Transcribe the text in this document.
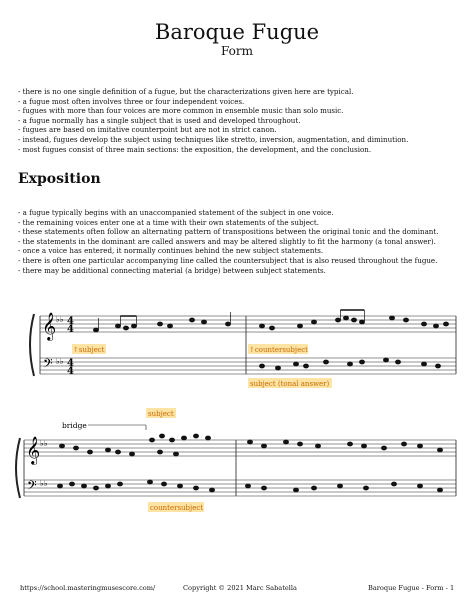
Baroque Fugue
Form
- there is no one single definition of a fugue, but the characterizations given here are typical.
- a fugue most often involves three or four independent voices.
- fugues with more than four voices are more common in ensemble music than solo music.
- a fugue normally has a single subject that is used and developed throughout.
- fugues are based on imitative counterpoint but are not in strict canon.
- instead, fugues develop the subject using techniques like stretto, inversion, augmentation, and diminution.
- most fugues consist of three main sections: the exposition, the development, and the conclusion.
Exposition
- a fugue typically begins with an unaccompanied statement of the subject in one voice.
- the remaining voices enter one at a time with their own statements of the subject.
- these statements often follow an alternating pattern of transpositions between the original tonic and the dominant.
- the statements in the dominant are called answers and may be altered slightly to fit the harmony (a tonal answer).
- once a voice has entered, it normally continues behind the new subject statements.
- there is often one particular accompanying line called the countersubject that is also reused throughout the fugue.
- there may be additional connecting material (a bridge) between subject statements.
𝄞
𝄢
♭♭
♭♭
4
4
4
4
↑subject	↑countersubject
subject (tonal answer)
𝄞
𝄢
♭♭
♭♭
bridge
subject
countersubject
https://school.masteringmusescore.com/	Copyright © 2021 Marc Sabatella	Baroque Fugue - Form - 1
